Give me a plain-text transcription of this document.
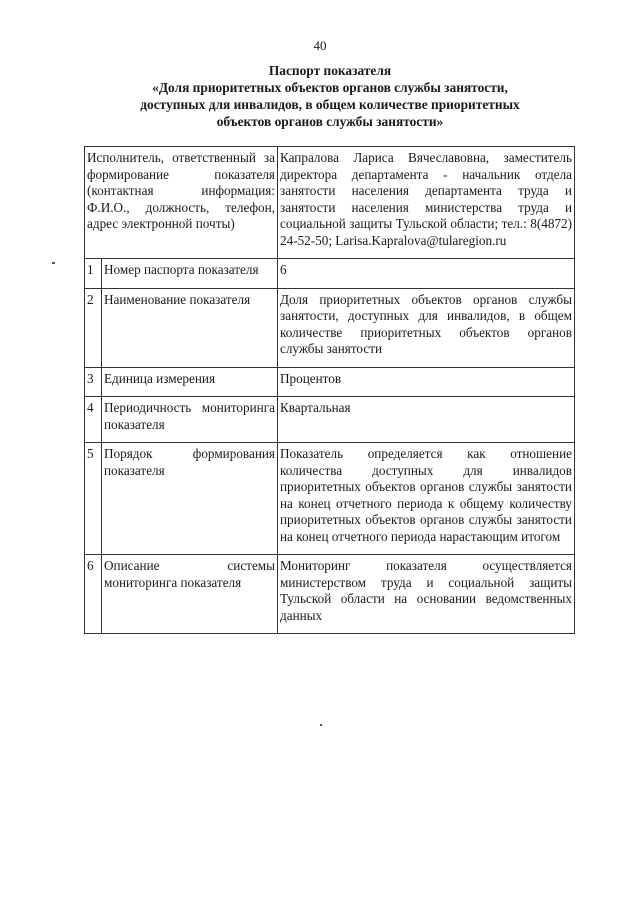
40
Паспорт показателя
«Доля приоритетных объектов органов службы занятости,
доступных для инвалидов, в общем количестве приоритетных
объектов органов службы занятости»
Исполнитель, ответственный за формирование показателя (контактная информация: Ф.И.О., должность, телефон, адрес электронной почты)		Капралова Лариса Вячеславовна, заместитель директора департамента - начальник отдела занятости населения департамента труда и занятости населения министерства труда и социальной защиты Тульской области; тел.: 8(4872) 24-52-50; Larisa.Kapralova@tularegion.ru
1	Номер паспорта показателя	6
2	Наименование показателя	Доля приоритетных объектов органов службы занятости, доступных для инвалидов, в общем количестве приоритетных объектов органов службы занятости
3	Единица измерения	Процентов
4	Периодичность мониторинга показателя	Квартальная
5	Порядок формирования показателя	Показатель определяется как отношение количества доступных для инвалидов приоритетных объектов органов службы занятости на конец отчетного периода к общему количеству приоритетных объектов органов службы занятости на конец отчетного периода нарастающим итогом
6	Описание системы мониторинга показателя	Мониторинг показателя осуществляется министерством труда и социальной защиты Тульской области на основании ведомственных данных
